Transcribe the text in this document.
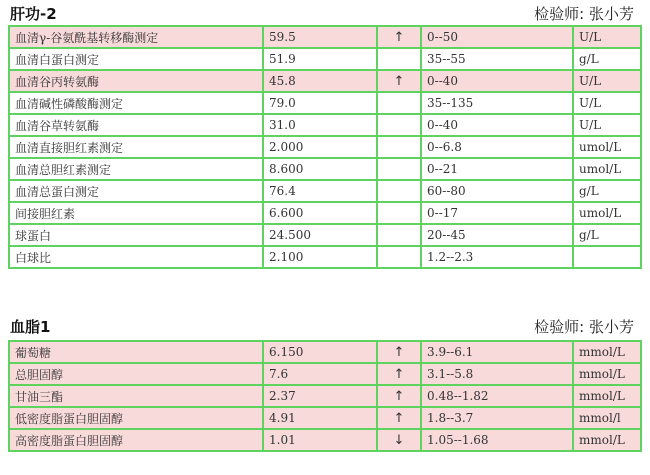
肝功-2	检验师: 张小芳
血清γ-谷氨酰基转移酶测定	59.5	↑	0--50	U/L
血清白蛋白测定	51.9		35--55	g/L
血清谷丙转氨酶	45.8	↑	0--40	U/L
血清碱性磷酸酶测定	79.0		35--135	U/L
血清谷草转氨酶	31.0		0--40	U/L
血清直接胆红素测定	2.000		0--6.8	umol/L
血清总胆红素测定	8.600		0--21	umol/L
血清总蛋白测定	76.4		60--80	g/L
间接胆红素	6.600		0--17	umol/L
球蛋白	24.500		20--45	g/L
白球比	2.100		1.2--2.3	
血脂1	检验师: 张小芳
葡萄糖	6.150	↑	3.9--6.1	mmol/L
总胆固醇	7.6	↑	3.1--5.8	mmol/L
甘油三酯	2.37	↑	0.48--1.82	mmol/L
低密度脂蛋白胆固醇	4.91	↑	1.8--3.7	mmol/l
高密度脂蛋白胆固醇	1.01	↓	1.05--1.68	mmol/L
